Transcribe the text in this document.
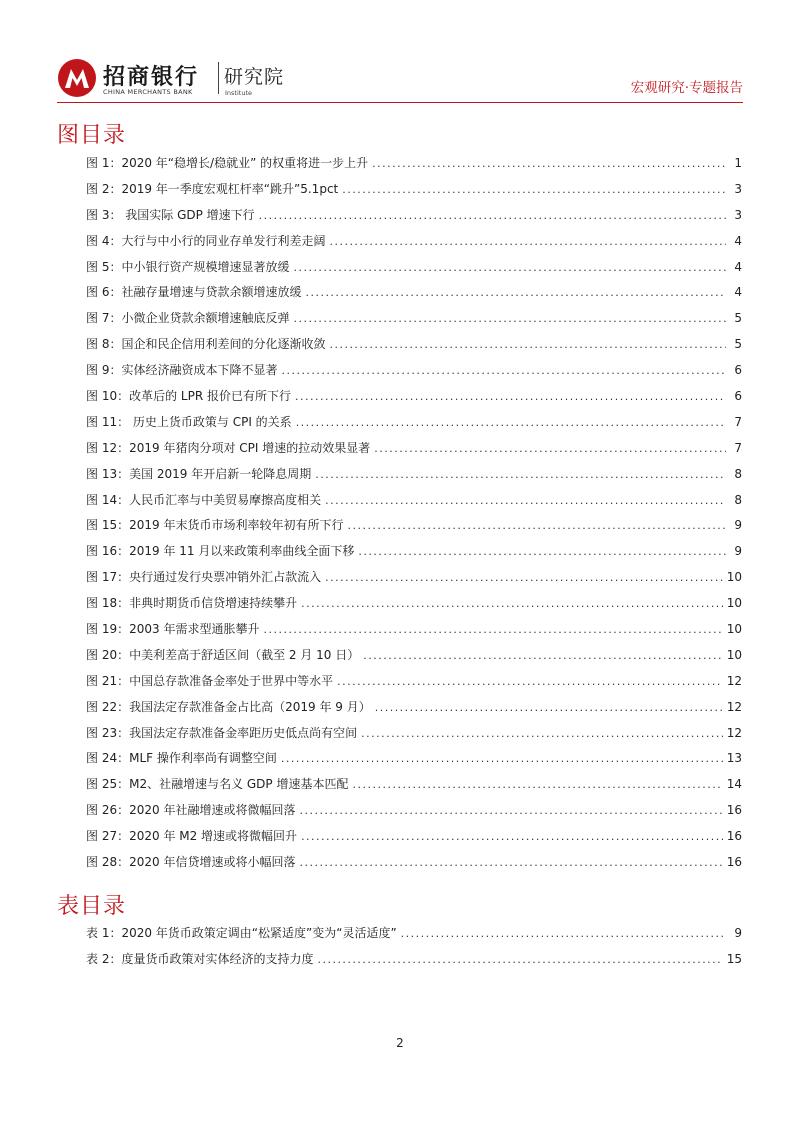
招商银行
CHINA MERCHANTS BANK
研究院
Institute	宏观研究·专题报告
图目录
图 1：2020 年“稳增长/稳就业” 的权重将进一步上升 .....	1
图 2：2019 年一季度宏观杠杆率“跳升”5.1pct .....	3
图 3： 我国实际 GDP 增速下行 .....	3
图 4：大行与中小行的同业存单发行利差走阔 .....	4
图 5：中小银行资产规模增速显著放缓 .....	4
图 6：社融存量增速与贷款余额增速放缓 .....	4
图 7：小微企业贷款余额增速触底反弹 .....	5
图 8：国企和民企信用利差间的分化逐渐收敛 .....	5
图 9：实体经济融资成本下降不显著 .....	6
图 10：改革后的 LPR 报价已有所下行 .....	6
图 11： 历史上货币政策与 CPI 的关系 .....	7
图 12：2019 年猪肉分项对 CPI 增速的拉动效果显著 .....	7
图 13：美国 2019 年开启新一轮降息周期 .....	8
图 14：人民币汇率与中美贸易摩擦高度相关 .....	8
图 15：2019 年末货币市场利率较年初有所下行 .....	9
图 16：2019 年 11 月以来政策利率曲线全面下移 .....	9
图 17：央行通过发行央票冲销外汇占款流入 .....	10
图 18：非典时期货币信贷增速持续攀升 .....	10
图 19：2003 年需求型通胀攀升 .....	10
图 20：中美利差高于舒适区间（截至 2 月 10 日） .....	10
图 21：中国总存款准备金率处于世界中等水平 .....	12
图 22：我国法定存款准备金占比高（2019 年 9 月） .....	12
图 23：我国法定存款准备金率距历史低点尚有空间 .....	12
图 24：MLF 操作利率尚有调整空间 .....	13
图 25：M2、社融增速与名义 GDP 增速基本匹配 .....	14
图 26：2020 年社融增速或将微幅回落 .....	16
图 27：2020 年 M2 增速或将微幅回升 .....	16
图 28：2020 年信贷增速或将小幅回落 .....	16
表目录
表 1：2020 年货币政策定调由“松紧适度”变为“灵活适度” .....	9
表 2：度量货币政策对实体经济的支持力度 .....	15
2
